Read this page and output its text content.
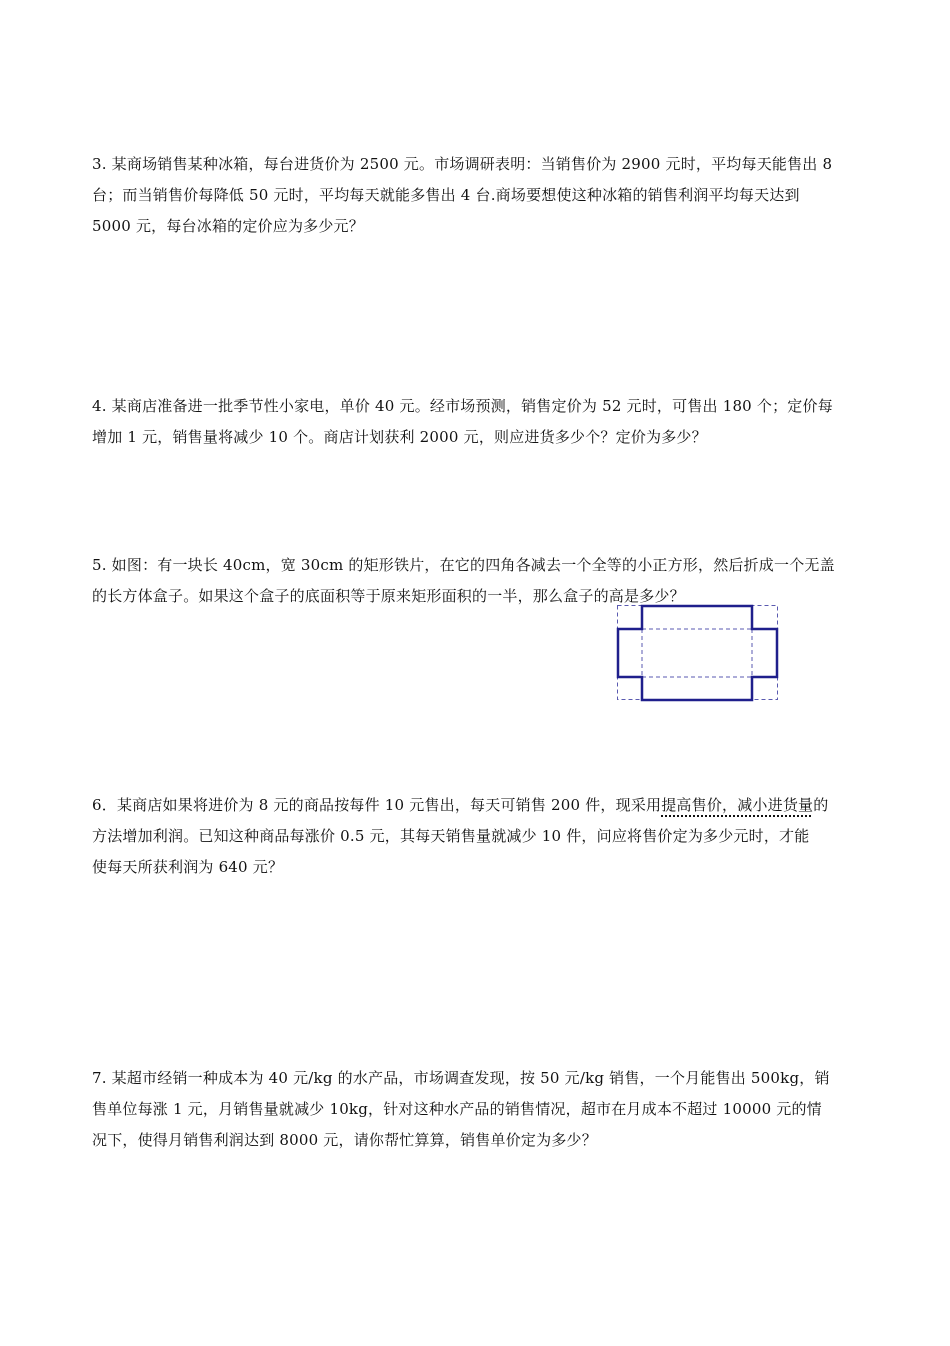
3. 某商场销售某种冰箱，每台进货价为 2500 元。市场调研表明：当销售价为 2900 元时，平均每天能售出 8
台；而当销售价每降低 50 元时，平均每天就能多售出 4 台.商场要想使这种冰箱的销售利润平均每天达到
5000 元，每台冰箱的定价应为多少元？
4. 某商店准备进一批季节性小家电，单价 40 元。经市场预测，销售定价为 52 元时，可售出 180 个；定价每
增加 1 元，销售量将减少 10 个。商店计划获利 2000 元，则应进货多少个？定价为多少？
5. 如图：有一块长 40cm，宽 30cm 的矩形铁片，在它的四角各减去一个全等的小正方形，然后折成一个无盖
的长方体盒子。如果这个盒子的底面积等于原来矩形面积的一半，那么盒子的高是多少？
6．某商店如果将进价为 8 元的商品按每件 10 元售出，每天可销售 200 件，现采用提高售价，减小进货量的
方法增加利润。已知这种商品每涨价 0.5 元，其每天销售量就减少 10 件，问应将售价定为多少元时，才能
使每天所获利润为 640 元？
7. 某超市经销一种成本为 40 元/kg 的水产品，市场调查发现，按 50 元/kg 销售，一个月能售出 500kg，销
售单位每涨 1 元，月销售量就减少 10kg，针对这种水产品的销售情况，超市在月成本不超过 10000 元的情
况下，使得月销售利润达到 8000 元，请你帮忙算算，销售单价定为多少？
